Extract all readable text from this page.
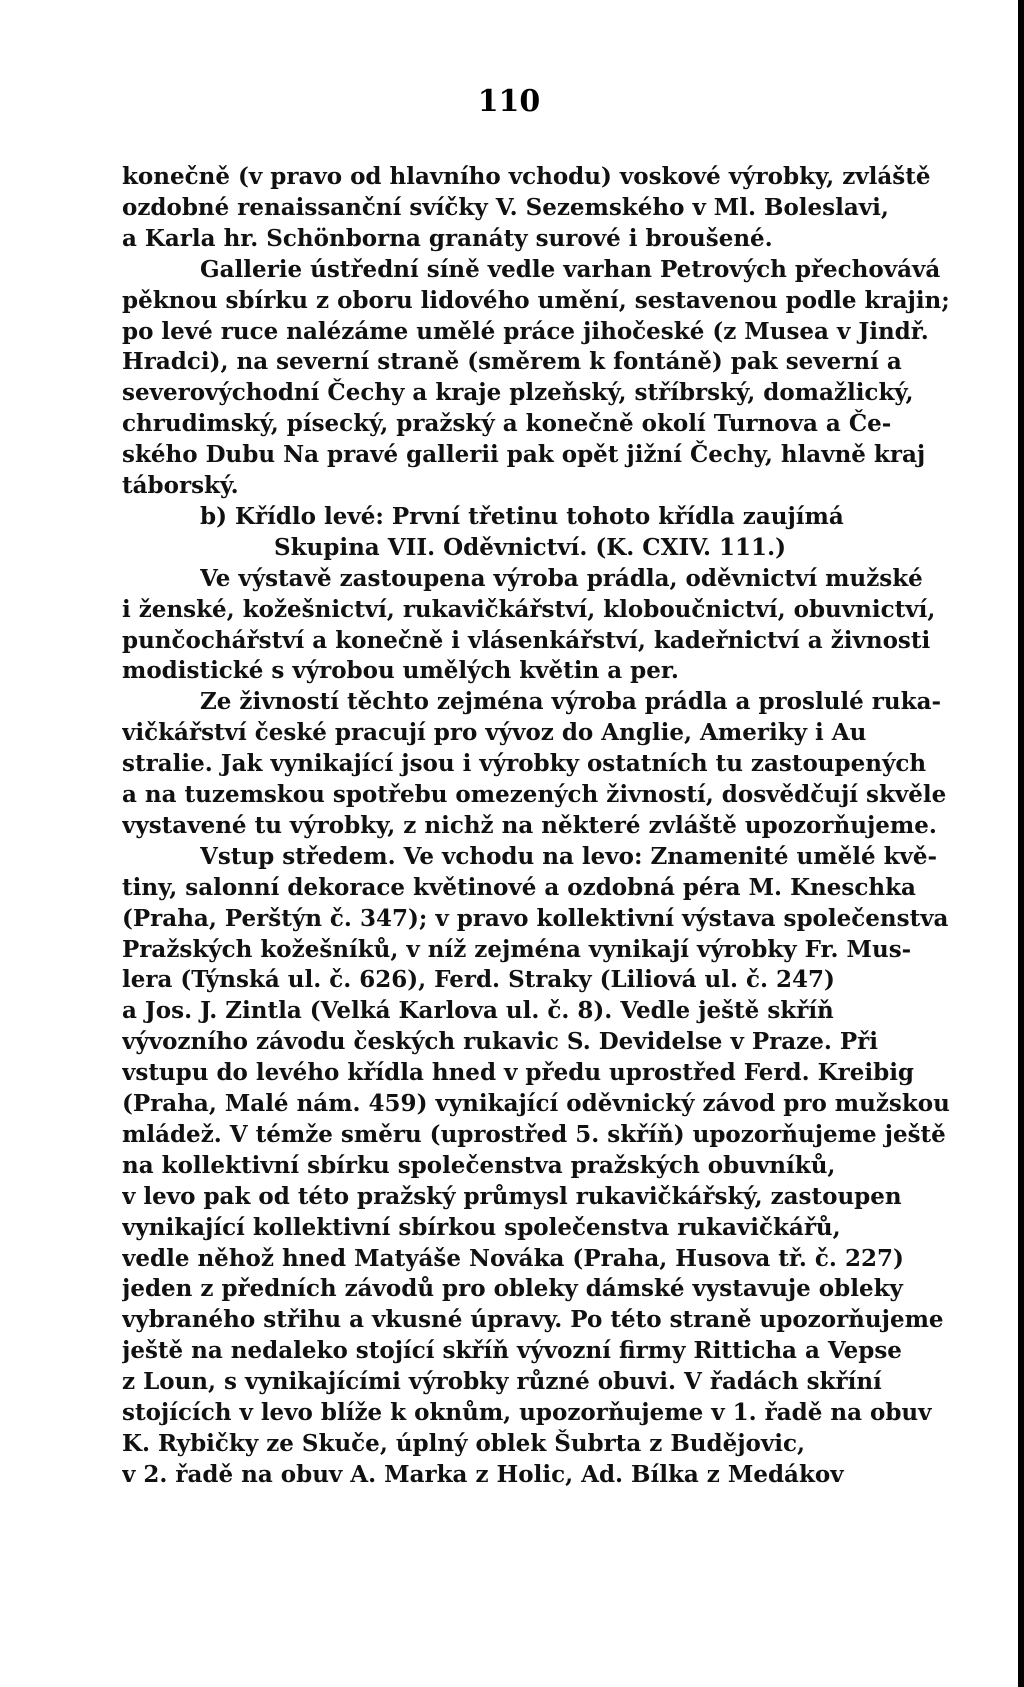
110
konečně (v pravo od hlavního vchodu) voskové výrobky, zvláště
ozdobné renaissanční svíčky V. Sezemského v Ml. Boleslavi,
a Karla hr. Schönborna granáty surové i broušené.
Gallerie ústřední síně vedle varhan Petrových přechovává
pěknou sbírku z oboru lidového umění, sestavenou podle krajin;
po levé ruce nalézáme umělé práce jihočeské (z Musea v Jindř.
Hradci), na severní straně (směrem k fontáně) pak severní a
severovýchodní Čechy a kraje plzeňský, stříbrský, domažlický,
chrudimský, písecký, pražský a konečně okolí Turnova a Če-
ského Dubu Na pravé gallerii pak opět jižní Čechy, hlavně kraj
táborský.
b) Křídlo levé: První třetinu tohoto křídla zaujímá
Skupina VII. Oděvnictví. (K. CXIV. 111.)
Ve výstavě zastoupena výroba prádla, oděvnictví mužské
i ženské, kožešnictví, rukavičkářství, kloboučnictví, obuvnictví,
punčochářství a konečně i vlásenkářství, kadeřnictví a živnosti
modistické s výrobou umělých květin a per.
Ze živností těchto zejména výroba prádla a proslulé ruka-
vičkářství české pracují pro vývoz do Anglie, Ameriky i Au
stralie. Jak vynikající jsou i výrobky ostatních tu zastoupených
a na tuzemskou spotřebu omezených živností, dosvědčují skvěle
vystavené tu výrobky, z nichž na některé zvláště upozorňujeme.
Vstup středem. Ve vchodu na levo: Znamenité umělé kvě-
tiny, salonní dekorace květinové a ozdobná péra M. Kneschka
(Praha, Perštýn č. 347); v pravo kollektivní výstava společenstva
Pražských kožešníků, v níž zejména vynikají výrobky Fr. Mus-
lera (Týnská ul. č. 626), Ferd. Straky (Liliová ul. č. 247)
a Jos. J. Zintla (Velká Karlova ul. č. 8). Vedle ještě skříň
vývozního závodu českých rukavic S. Devidelse v Praze. Při
vstupu do levého křídla hned v předu uprostřed Ferd. Kreibig
(Praha, Malé nám. 459) vynikající oděvnický závod pro mužskou
mládež. V témže směru (uprostřed 5. skříň) upozorňujeme ještě
na kollektivní sbírku společenstva pražských obuvníků,
v levo pak od této pražský průmysl rukavičkářský, zastoupen
vynikající kollektivní sbírkou společenstva rukavičkářů,
vedle něhož hned Matyáše Nováka (Praha, Husova tř. č. 227)
jeden z předních závodů pro obleky dámské vystavuje obleky
vybraného střihu a vkusné úpravy. Po této straně upozorňujeme
ještě na nedaleko stojící skříň vývozní firmy Ritticha a Vepse
z Loun, s vynikajícími výrobky různé obuvi. V řadách skříní
stojících v levo blíže k oknům, upozorňujeme v 1. řadě na obuv
K. Rybičky ze Skuče, úplný oblek Šubrta z Budějovic,
v 2. řadě na obuv A. Marka z Holic, Ad. Bílka z Medákov
